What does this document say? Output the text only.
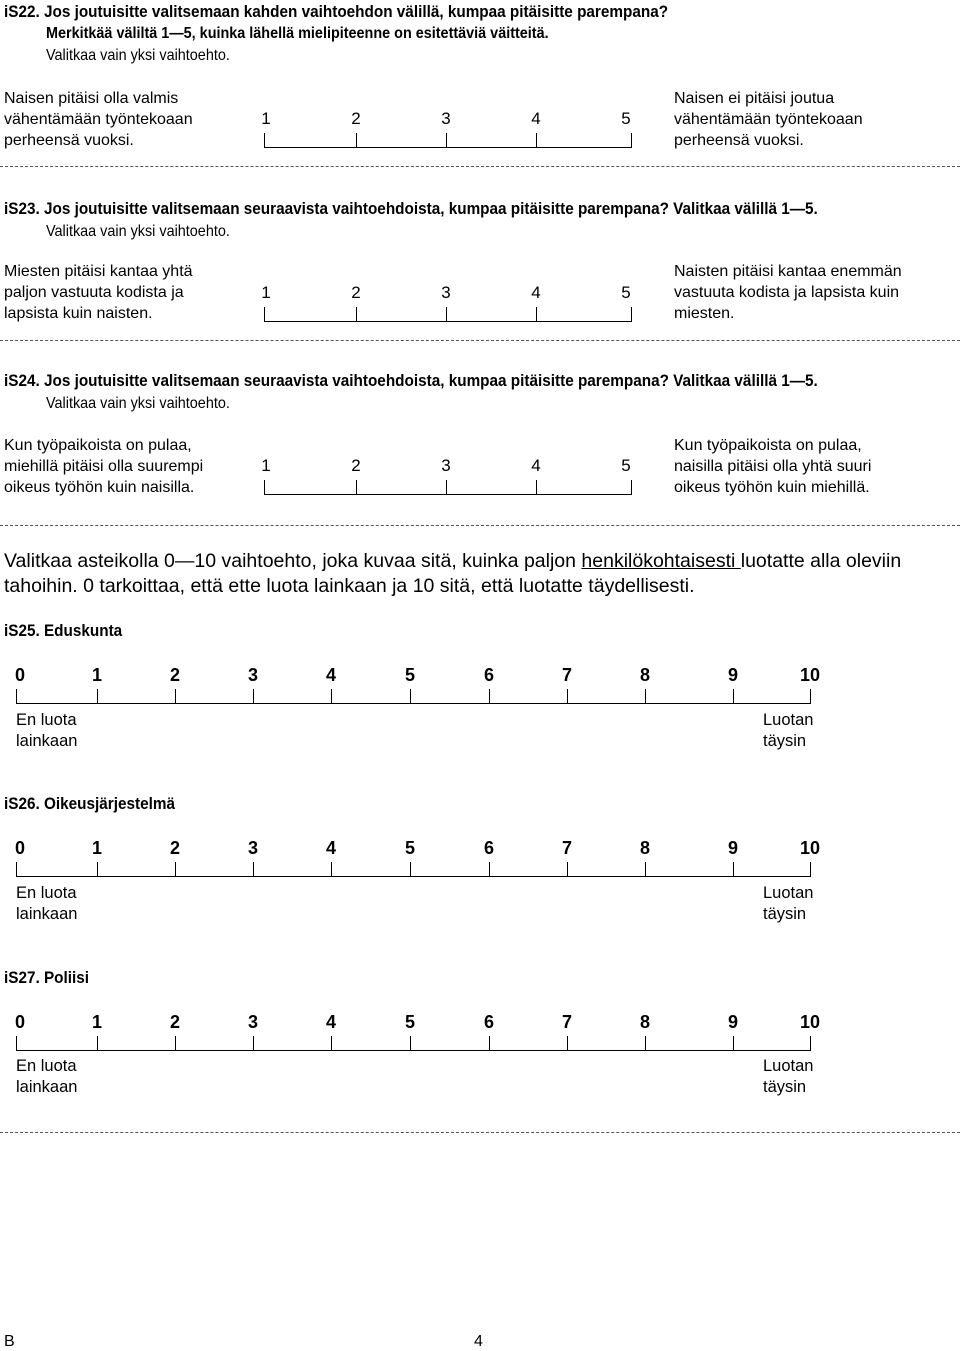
iS22. Jos joutuisitte valitsemaan kahden vaihtoehdon välillä, kumpaa pitäisitte parempana?
Merkitkää väliltä 1—5, kuinka lähellä mielipiteenne on esitettäviä väitteitä.
Valitkaa vain yksi vaihtoehto.
Naisen pitäisi olla valmis
vähentämään työntekoaan
perheensä vuoksi.
1	2	3	4	5
Naisen ei pitäisi joutua
vähentämään työntekoaan
perheensä vuoksi.
iS23. Jos joutuisitte valitsemaan seuraavista vaihtoehdoista, kumpaa pitäisitte parempana? Valitkaa välillä 1—5.
Valitkaa vain yksi vaihtoehto.
Miesten pitäisi kantaa yhtä
paljon vastuuta kodista ja
lapsista kuin naisten.
1	2	3	4	5
Naisten pitäisi kantaa enemmän
vastuuta kodista ja lapsista kuin
miesten.
iS24. Jos joutuisitte valitsemaan seuraavista vaihtoehdoista, kumpaa pitäisitte parempana? Valitkaa välillä 1—5.
Valitkaa vain yksi vaihtoehto.
Kun työpaikoista on pulaa,
miehillä pitäisi olla suurempi
oikeus työhön kuin naisilla.
1	2	3	4	5
Kun työpaikoista on pulaa,
naisilla pitäisi olla yhtä suuri
oikeus työhön kuin miehillä.
Valitkaa asteikolla 0—10 vaihtoehto, joka kuvaa sitä, kuinka paljon henkilökohtaisesti luotatte alla oleviin tahoihin. 0 tarkoittaa, että ette luota lainkaan ja 10 sitä, että luotatte täydellisesti.
iS25. Eduskunta
0	1	2	3	4	5	6	7	8	9	10
En luota
lainkaan
Luotan
täysin
iS26. Oikeusjärjestelmä
0	1	2	3	4	5	6	7	8	9	10
En luota
lainkaan
Luotan
täysin
iS27. Poliisi
0	1	2	3	4	5	6	7	8	9	10
En luota
lainkaan
Luotan
täysin
B	4
